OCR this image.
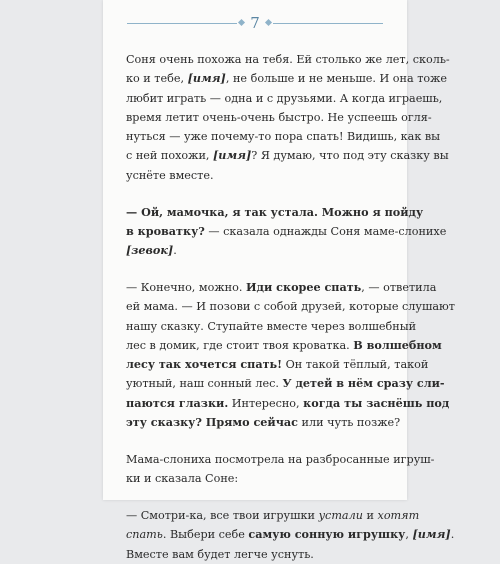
7
Соня очень похожа на тебя. Ей столько же лет, сколь-
ко и тебе, [имя], не больше и не меньше. И она тоже
любит играть — одна и с друзьями. А когда играешь,
время летит очень-очень быстро. Не успеешь огля-
нуться — уже почему-то пора спать! Видишь, как вы
с ней похожи, [имя]? Я думаю, что под эту сказку вы
уснёте вместе.
— Ой, мамочка, я так устала. Можно я пойду
в кроватку? — сказала однажды Соня маме-слонихе
[зевок].
— Конечно, можно. Иди скорее спать, — ответила
ей мама. — И позови с собой друзей, которые слушают
нашу сказку. Ступайте вместе через волшебный
лес в домик, где стоит твоя кроватка. В волшебном
лесу так хочется спать! Он такой тёплый, такой
уютный, наш сонный лес. У детей в нём сразу сли-
паются глазки. Интересно, когда ты заснёшь под
эту сказку? Прямо сейчас или чуть позже?
Мама-слониха посмотрела на разбросанные игруш-
ки и сказала Соне:
— Смотри-ка, все твои игрушки устали и хотят
спать. Выбери себе самую сонную игрушку, [имя].
Вместе вам будет легче уснуть.
